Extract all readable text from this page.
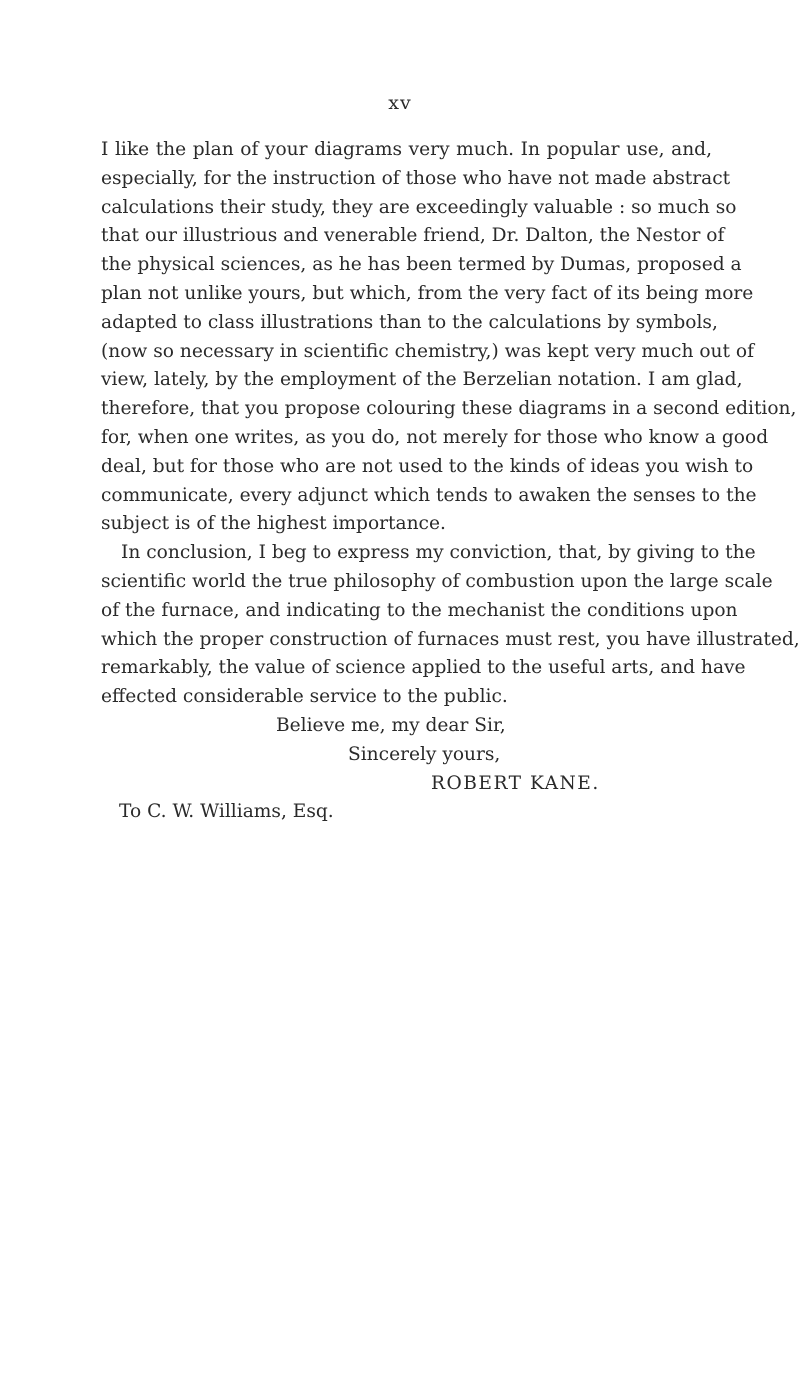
xv

I like the plan of your diagrams very much. In popular use, and,
especially, for the instruction of those who have not made abstract
calculations their study, they are exceedingly valuable : so much so
that our illustrious and venerable friend, Dr. Dalton, the Nestor of
the physical sciences, as he has been termed by Dumas, proposed a
plan not unlike yours, but which, from the very fact of its being more
adapted to class illustrations than to the calculations by symbols,
(now so necessary in scientific chemistry,) was kept very much out of
view, lately, by the employment of the Berzelian notation. I am glad,
therefore, that you propose colouring these diagrams in a second edition,
for, when one writes, as you do, not merely for those who know a good
deal, but for those who are not used to the kinds of ideas you wish to
communicate, every adjunct which tends to awaken the senses to the
subject is of the highest importance.

In conclusion, I beg to express my conviction, that, by giving to the
scientific world the true philosophy of combustion upon the large scale
of the furnace, and indicating to the mechanist the conditions upon
which the proper construction of furnaces must rest, you have illustrated,
remarkably, the value of science applied to the useful arts, and have
effected considerable service to the public.

Believe me, my dear Sir,
Sincerely yours,
ROBERT KANE.
To C. W. Williams, Esq.
